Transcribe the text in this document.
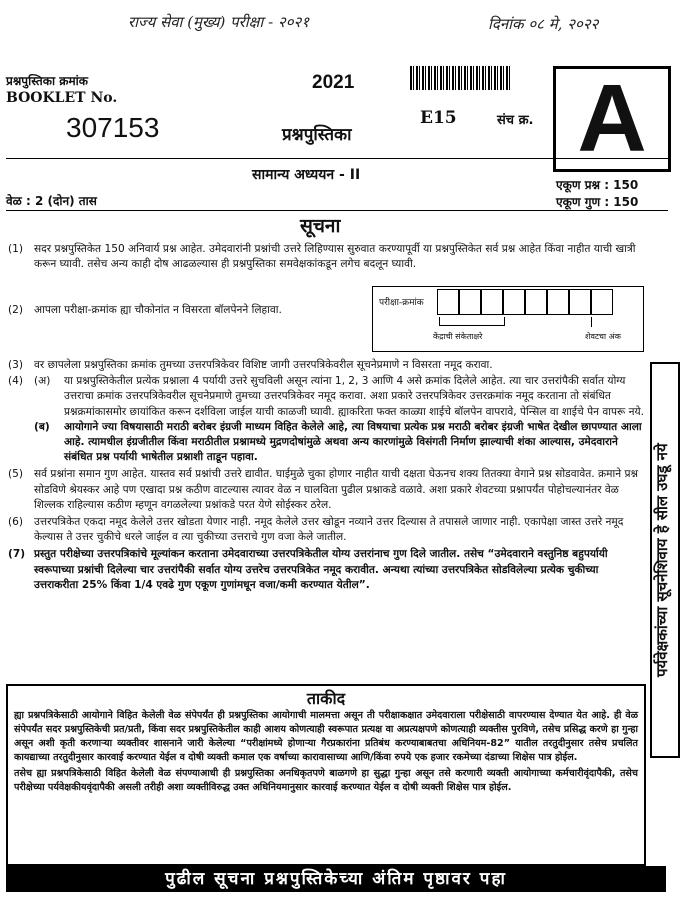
राज्य सेवा (मुख्य) परीक्षा - २०२१	दिनांक ०८ मे, २०२२
प्रश्नपुस्तिका क्रमांक
BOOKLET No.
307153
2021
प्रश्नपुस्तिका
E15	संच क्र. A
सामान्य अध्ययन - II
एकूण प्रश्न : 150
वेळ : 2 (दोन) तास	एकूण गुण : 150
सूचना
(1)	सदर प्रश्नपुस्तिकेत 150 अनिवार्य प्रश्न आहेत. उमेदवारांनी प्रश्नांची उत्तरे लिहिण्यास सुरुवात करण्यापूर्वी या प्रश्नपुस्तिकेत सर्व प्रश्न आहेत किंवा नाहीत याची खात्री करून घ्यावी. तसेच अन्य काही दोष आढळल्यास ही प्रश्नपुस्तिका समवेक्षकांकडून लगेच बदलून घ्यावी.
(2)	आपला परीक्षा-क्रमांक ह्या चौकोनांत न विसरता बॉलपेनने लिहावा.
परीक्षा-क्रमांक
केंद्राची संकेताक्षरे	शेवटचा अंक
(3)	वर छापलेला प्रश्नपुस्तिका क्रमांक तुमच्या उत्तरपत्रिकेवर विशिष्ट जागी उत्तरपत्रिकेवरील सूचनेप्रमाणे न विसरता नमूद करावा.
(4)	(अ)	या प्रश्नपुस्तिकेतील प्रत्येक प्रश्नाला 4 पर्यायी उत्तरे सुचविली असून त्यांना 1, 2, 3 आणि 4 असे क्रमांक दिलेले आहेत. त्या चार उत्तरांपैकी सर्वात योग्य उत्तराचा क्रमांक उत्तरपत्रिकेवरील सूचनेप्रमाणे तुमच्या उत्तरपत्रिकेवर नमूद करावा. अशा प्रकारे उत्तरपत्रिकेवर उत्तरक्रमांक नमूद करताना तो संबंधित प्रश्नक्रमांकासमोर छायांकित करून दर्शविला जाईल याची काळजी घ्यावी. ह्याकरिता फक्त काळ्या शाईचे बॉलपेन वापरावे, पेन्सिल वा शाईचे पेन वापरू नये.
(ब)	आयोगाने ज्या विषयासाठी मराठी बरोबर इंग्रजी माध्यम विहित केलेले आहे, त्या विषयाचा प्रत्येक प्रश्न मराठी बरोबर इंग्रजी भाषेत देखील छापण्यात आला आहे. त्यामधील इंग्रजीतील किंवा मराठीतील प्रश्नामध्ये मुद्रणदोषांमुळे अथवा अन्य कारणांमुळे विसंगती निर्माण झाल्याची शंका आल्यास, उमेदवाराने संबंधित प्रश्न पर्यायी भाषेतील प्रश्नाशी ताडून पहावा.
(5)	सर्व प्रश्नांना समान गुण आहेत. यास्तव सर्व प्रश्नांची उत्तरे द्यावीत. घाईमुळे चुका होणार नाहीत याची दक्षता घेऊनच शक्य तितक्या वेगाने प्रश्न सोडवावेत. क्रमाने प्रश्न सोडविणे श्रेयस्कर आहे पण एखादा प्रश्न कठीण वाटल्यास त्यावर वेळ न घालविता पुढील प्रश्नाकडे वळावे. अशा प्रकारे शेवटच्या प्रश्नापर्यंत पोहोचल्यानंतर वेळ शिल्लक राहिल्यास कठीण म्हणून वगळलेल्या प्रश्नांकडे परत येणे सोईस्कर ठरेल.
(6)	उत्तरपत्रिकेत एकदा नमूद केलेले उत्तर खोडता येणार नाही. नमूद केलेले उत्तर खोडून नव्याने उत्तर दिल्यास ते तपासले जाणार नाही. एकापेक्षा जास्त उत्तरे नमूद केल्यास ते उत्तर चुकीचे धरले जाईल व त्या चुकीच्या उत्तराचे गुण वजा केले जातील.
(7) प्रस्तुत परीक्षेच्या उत्तरपत्रिकांचे मूल्यांकन करताना उमेदवाराच्या उत्तरपत्रिकेतील योग्य उत्तरांनाच गुण दिले जातील. तसेच “उमेदवाराने वस्तुनिष्ठ बहुपर्यायी स्वरूपाच्या प्रश्नांची दिलेल्या चार उत्तरांपैकी सर्वात योग्य उत्तरेच उत्तरपत्रिकेत नमूद करावीत. अन्यथा त्यांच्या उत्तरपत्रिकेत सोडविलेल्या प्रत्येक चुकीच्या उत्तराकरीता 25% किंवा 1/4 एवढे गुण एकूण गुणांमधून वजा/कमी करण्यात येतील”.	पर्यवेक्षकांच्या सूचनेशिवाय हे सील उघडू नये
ताकीद
ह्या प्रश्नपत्रिकेसाठी आयोगाने विहित केलेली वेळ संपेपर्यंत ही प्रश्नपुस्तिका आयोगाची मालमत्ता असून ती परीक्षाकक्षात उमेदवाराला परीक्षेसाठी वापरण्यास देण्यात येत आहे. ही वेळ संपेपर्यंत सदर प्रश्नपुस्तिकेची प्रत/प्रती, किंवा सदर प्रश्नपुस्तिकेतील काही आशय कोणत्याही स्वरूपात प्रत्यक्ष वा अप्रत्यक्षपणे कोणत्याही व्यक्तीस पुरविणे, तसेच प्रसिद्ध करणे हा गुन्हा असून अशी कृती करणाऱ्या व्यक्तीवर शासनाने जारी केलेल्या “परीक्षांमध्ये होणाऱ्या गैरप्रकारांना प्रतिबंध करण्याबाबतचा अधिनियम-82” यातील तरतुदीनुसार तसेच प्रचलित कायद्याच्या तरतुदीनुसार कारवाई करण्यात येईल व दोषी व्यक्ती कमाल एक वर्षाच्या कारावासाच्या आणि/किंवा रुपये एक हजार रकमेच्या दंडाच्या शिक्षेस पात्र होईल.
तसेच ह्या प्रश्नपत्रिकेसाठी विहित केलेली वेळ संपण्याआधी ही प्रश्नपुस्तिका अनधिकृतपणे बाळगणे हा सुद्धा गुन्हा असून तसे करणारी व्यक्ती आयोगाच्या कर्मचारीवृंदापैकी, तसेच परीक्षेच्या पर्यवेक्षकीयवृंदापैकी असली तरीही अशा व्यक्तीविरुद्ध उक्त अधिनियमानुसार कारवाई करण्यात येईल व दोषी व्यक्ती शिक्षेस पात्र होईल.
पुढील सूचना प्रश्नपुस्तिकेच्या अंतिम पृष्ठावर पहा
